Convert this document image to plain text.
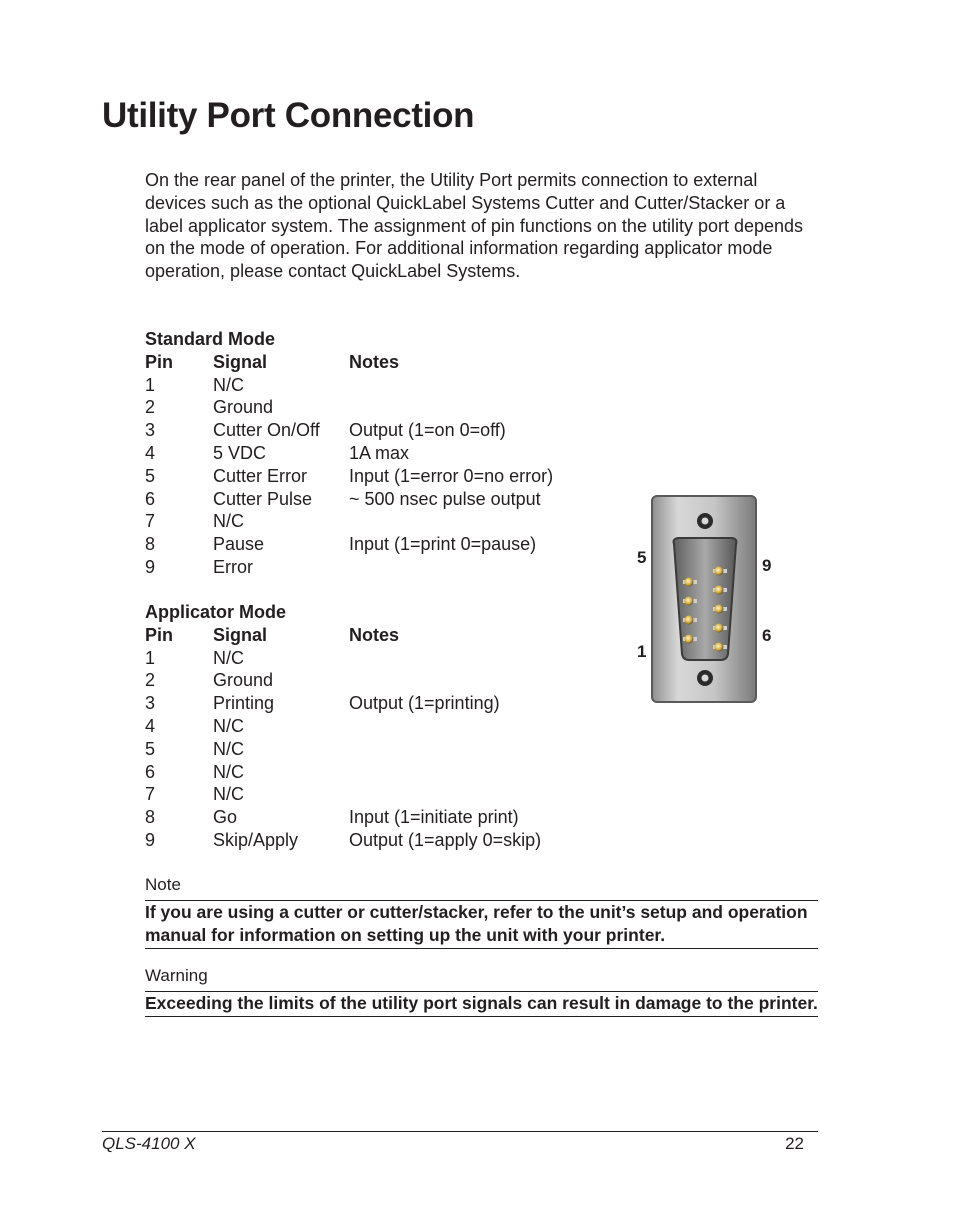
Utility Port Connection

On the rear panel of the printer, the Utility Port permits connection to external devices such as the optional QuickLabel Systems Cutter and Cutter/Stacker or a label applicator system. The assignment of pin functions on the utility port depends on the mode of operation. For additional information regarding applicator mode operation, please contact QuickLabel Systems.

Standard Mode
Pin	Signal	Notes
1	N/C
2	Ground
3	Cutter On/Off	Output (1=on 0=off)
4	5 VDC	1A max
5	Cutter Error	Input (1=error 0=no error)
6	Cutter Pulse	~ 500 nsec pulse output
7	N/C
8	Pause	Input (1=print 0=pause)
9	Error
Applicator Mode
Pin	Signal	Notes
1	N/C
2	Ground
3	Printing	Output (1=printing)
4	N/C
5	N/C
6	N/C
7	N/C
8	Go	Input (1=initiate print)
9	Skip/Apply	Output (1=apply 0=skip)
5	9
1
6
Note
If you are using a cutter or cutter/stacker, refer to the unit’s setup and operation manual for information on setting up the unit with your printer.
Warning
Exceeding the limits of the utility port signals can result in damage to the printer.
QLS-4100 X	22
